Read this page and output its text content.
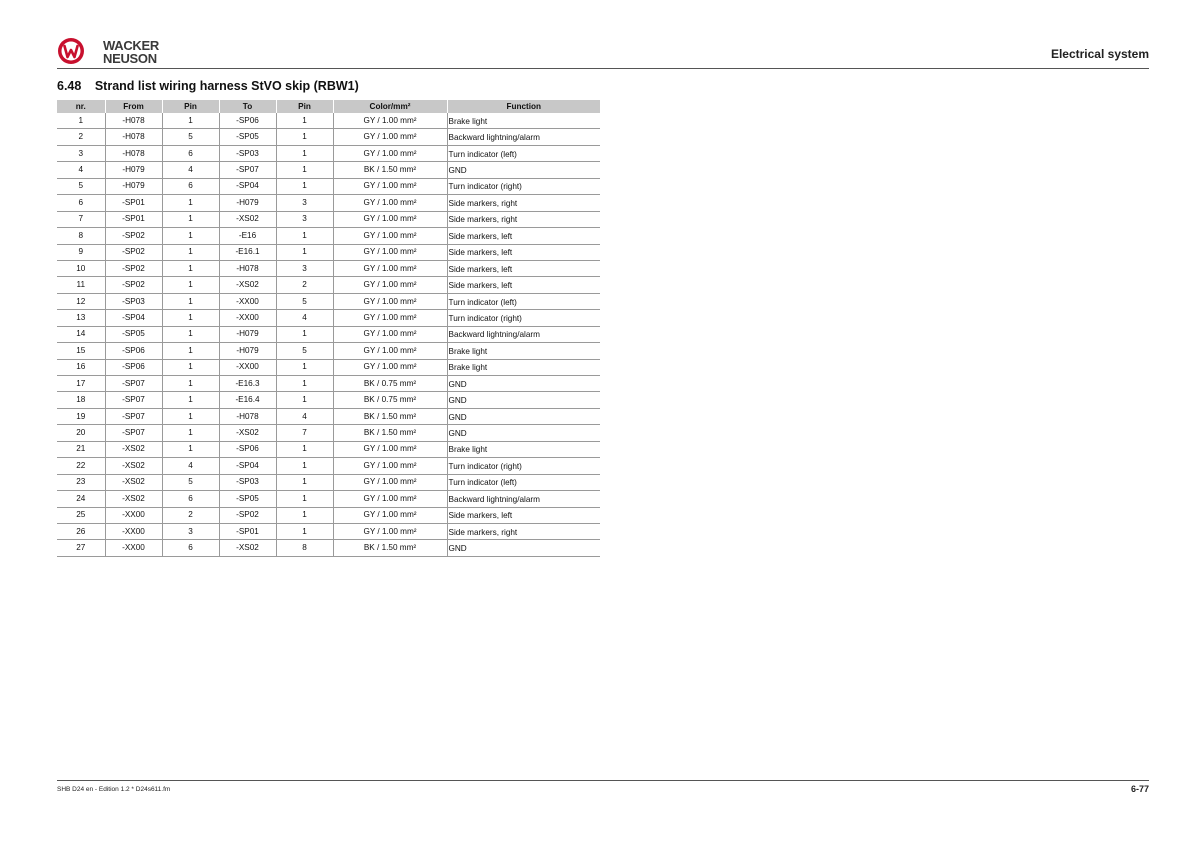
WACKER
NEUSON	Electrical system
6.48 Strand list wiring harness StVO skip (RBW1)
nr.	From	Pin	To	Pin	Color/mm²	Function
1	-H078	1	-SP06	1	GY / 1.00 mm²	Brake light
2	-H078	5	-SP05	1	GY / 1.00 mm²	Backward lightning/alarm
3	-H078	6	-SP03	1	GY / 1.00 mm²	Turn indicator (left)
4	-H079	4	-SP07	1	BK / 1.50 mm²	GND
5	-H079	6	-SP04	1	GY / 1.00 mm²	Turn indicator (right)
6	-SP01	1	-H079	3	GY / 1.00 mm²	Side markers, right
7	-SP01	1	-XS02	3	GY / 1.00 mm²	Side markers, right
8	-SP02	1	-E16	1	GY / 1.00 mm²	Side markers, left
9	-SP02	1	-E16.1	1	GY / 1.00 mm²	Side markers, left
10	-SP02	1	-H078	3	GY / 1.00 mm²	Side markers, left
11	-SP02	1	-XS02	2	GY / 1.00 mm²	Side markers, left
12	-SP03	1	-XX00	5	GY / 1.00 mm²	Turn indicator (left)
13	-SP04	1	-XX00	4	GY / 1.00 mm²	Turn indicator (right)
14	-SP05	1	-H079	1	GY / 1.00 mm²	Backward lightning/alarm
15	-SP06	1	-H079	5	GY / 1.00 mm²	Brake light
16	-SP06	1	-XX00	1	GY / 1.00 mm²	Brake light
17	-SP07	1	-E16.3	1	BK / 0.75 mm²	GND
18	-SP07	1	-E16.4	1	BK / 0.75 mm²	GND
19	-SP07	1	-H078	4	BK / 1.50 mm²	GND
20	-SP07	1	-XS02	7	BK / 1.50 mm²	GND
21	-XS02	1	-SP06	1	GY / 1.00 mm²	Brake light
22	-XS02	4	-SP04	1	GY / 1.00 mm²	Turn indicator (right)
23	-XS02	5	-SP03	1	GY / 1.00 mm²	Turn indicator (left)
24	-XS02	6	-SP05	1	GY / 1.00 mm²	Backward lightning/alarm
25	-XX00	2	-SP02	1	GY / 1.00 mm²	Side markers, left
26	-XX00	3	-SP01	1	GY / 1.00 mm²	Side markers, right
27	-XX00	6	-XS02	8	BK / 1.50 mm²	GND
SHB D24 en - Edition 1.2 * D24s611.fm	6-77
